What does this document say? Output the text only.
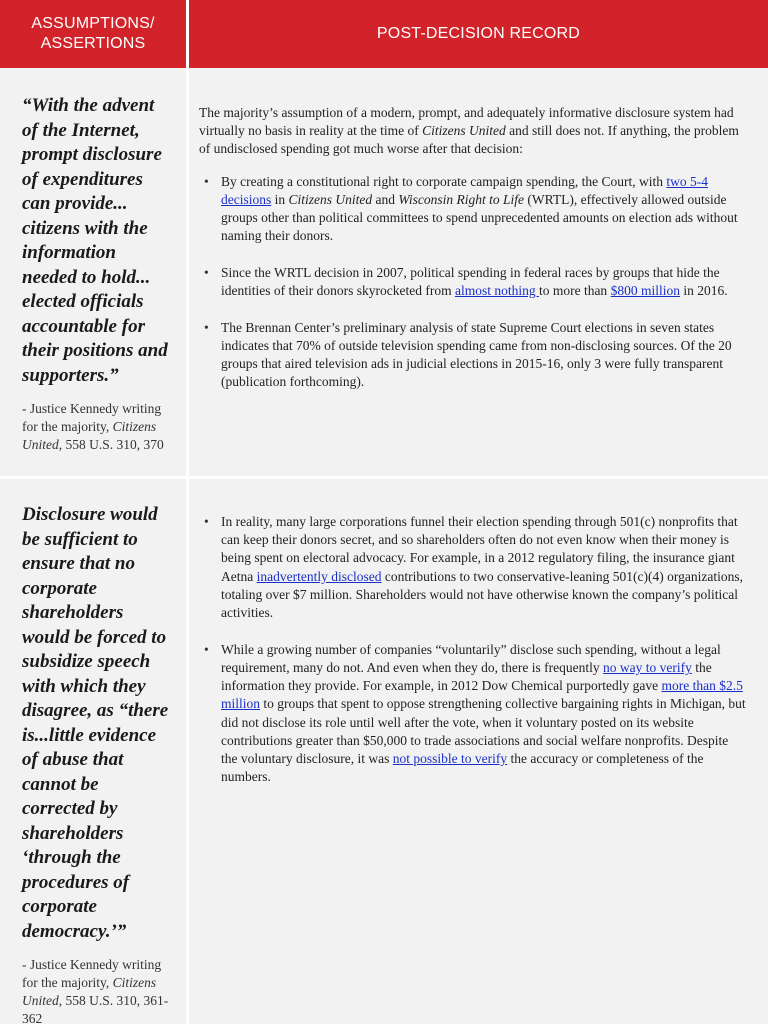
ASSUMPTIONS/ ASSERTIONS
POST-DECISION RECORD

“With the advent of the Internet, prompt disclosure of expenditures can provide... citizens with the information needed to hold... elected officials accountable for their positions and supporters.”

- Justice Kennedy writing for the majority, Citizens United, 558 U.S. 310, 370

The majority’s assumption of a modern, prompt, and adequately informative disclosure system had virtually no basis in reality at the time of Citizens United and still does not. If anything, the problem of undisclosed spending got much worse after that decision:

• By creating a constitutional right to corporate campaign spending, the Court, with two 5-4 decisions in Citizens United and Wisconsin Right to Life (WRTL), effectively allowed outside groups other than political committees to spend unprecedented amounts on election ads without naming their donors.
• Since the WRTL decision in 2007, political spending in federal races by groups that hide the identities of their donors skyrocketed from almost nothing to more than $800 million in 2016.
• The Brennan Center’s preliminary analysis of state Supreme Court elections in seven states indicates that 70% of outside television spending came from non-disclosing sources. Of the 20 groups that aired television ads in judicial elections in 2015-16, only 3 were fully transparent (publication forthcoming).

Disclosure would be sufficient to ensure that no corporate shareholders would be forced to subsidize speech with which they disagree, as “there is...little evidence of abuse that cannot be corrected by shareholders ‘through the procedures of corporate democracy.’”

- Justice Kennedy writing for the majority, Citizens United, 558 U.S. 310, 361-362
• In reality, many large corporations funnel their election spending through 501(c) nonprofits that can keep their donors secret, and so shareholders often do not even know when their money is being spent on electoral advocacy. For example, in a 2012 regulatory filing, the insurance giant Aetna inadvertently disclosed contributions to two conservative-leaning 501(c)(4) organizations, totaling over $7 million. Shareholders would not have otherwise known the company’s political activities.
• While a growing number of companies “voluntarily” disclose such spending, without a legal requirement, many do not. And even when they do, there is frequently no way to verify the information they provide. For example, in 2012 Dow Chemical purportedly gave more than $2.5 million to groups that spent to oppose strengthening collective bargaining rights in Michigan, but did not disclose its role until well after the vote, when it voluntary posted on its website contributions greater than $50,000 to trade associations and social welfare nonprofits. Despite the voluntary disclosure, it was not possible to verify the accuracy or completeness of the numbers.
